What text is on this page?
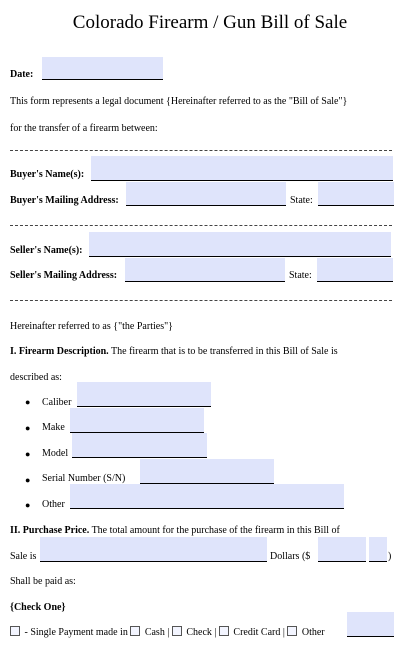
Colorado Firearm / Gun Bill of Sale
Date:
This form represents a legal document {Hereinafter referred to as the "Bill of Sale"}
for the transfer of a firearm between:
Buyer's Name(s):
Buyer's Mailing Address:	State:
Seller's Name(s):
Seller's Mailing Address:	State:
Hereinafter referred to as {"the Parties"}
I. Firearm Description. The firearm that is to be transferred in this Bill of Sale is
described as:
● Caliber
● Make
● Model
● Serial Number (S/N)
● Other
II. Purchase Price. The total amount for the purchase of the firearm in this Bill of
Sale is	Dollars ($	)
Shall be paid as:
{Check One}
- Single Payment made in Cash | Check | Credit Card | Other
